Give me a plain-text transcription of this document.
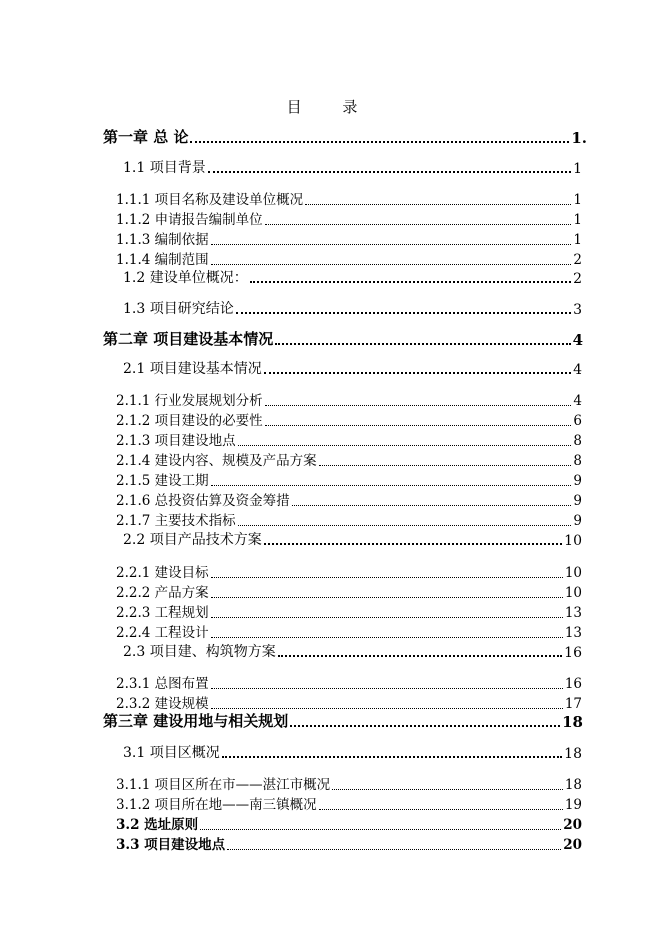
目 录
第一章 总 论	1.
1.1 项目背景	1
1.1.1 项目名称及建设单位概况	1
1.1.2 申请报告编制单位	1
1.1.3 编制依据	1
1.1.4 编制范围	2
1.2 建设单位概况：	2
1.3 项目研究结论	3
第二章 项目建设基本情况	4
2.1 项目建设基本情况	4
2.1.1 行业发展规划分析	4
2.1.2 项目建设的必要性	6
2.1.3 项目建设地点	8
2.1.4 建设内容、规模及产品方案	8
2.1.5 建设工期	9
2.1.6 总投资估算及资金筹措	9
2.1.7 主要技术指标	9
2.2 项目产品技术方案	10
2.2.1 建设目标	10
2.2.2 产品方案	10
2.2.3 工程规划	13
2.2.4 工程设计	13
2.3 项目建、构筑物方案	16
2.3.1 总图布置	16
2.3.2 建设规模	17
第三章 建设用地与相关规划	18
3.1 项目区概况	18
3.1.1 项目区所在市——湛江市概况	18
3.1.2 项目所在地——南三镇概况	19
3.2 选址原则	20
3.3 项目建设地点	20
